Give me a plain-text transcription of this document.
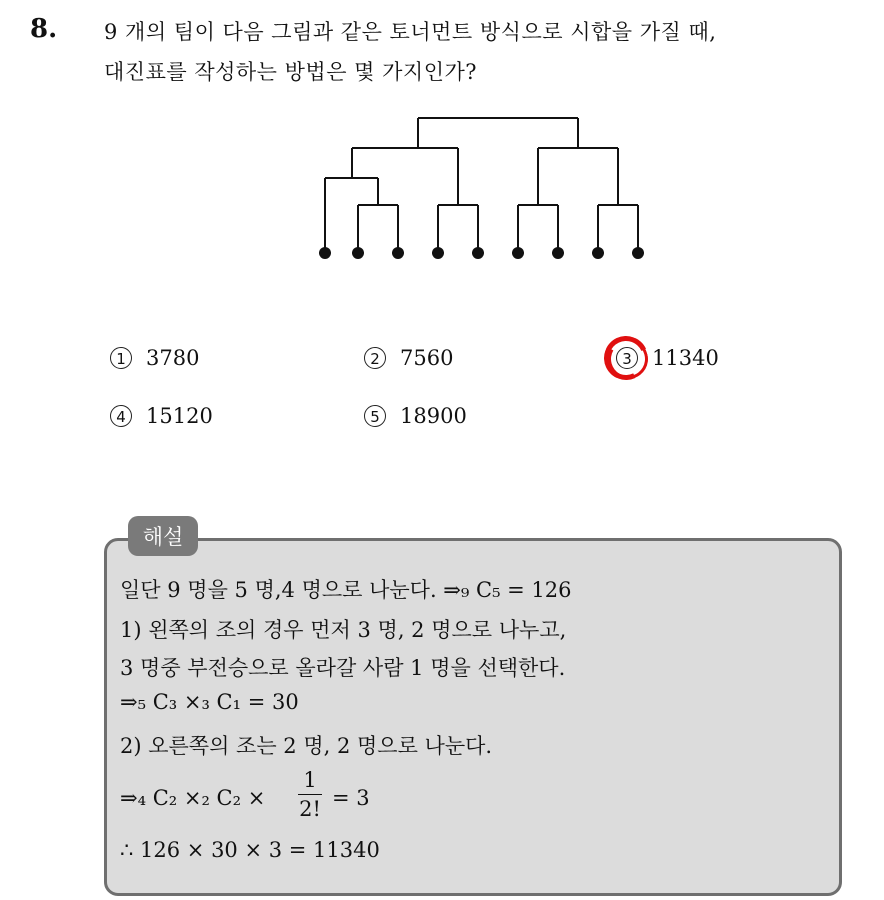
8. 9 개의 팀이 다음 그림과 같은 토너먼트 방식으로 시합을 가질 때,
대진표를 작성하는 방법은 몇 가지인가?
1 3780	2 7560	3 11340
4 15120	5 18900
해설
일단 9 명을 5 명,4 명으로 나눈다. ⇒₉ C₅ = 126
1) 왼쪽의 조의 경우 먼저 3 명, 2 명으로 나누고,
3 명중 부전승으로 올라갈 사람 1 명을 선택한다.
⇒₅ C₃ ×₃ C₁ = 30
2) 오른쪽의 조는 2 명, 2 명으로 나눈다.
⇒₄ C₂ ×₂ $C_2 \times \frac{1}{2!} = 3$
∴ 126 × 30 × 3 = 11340
